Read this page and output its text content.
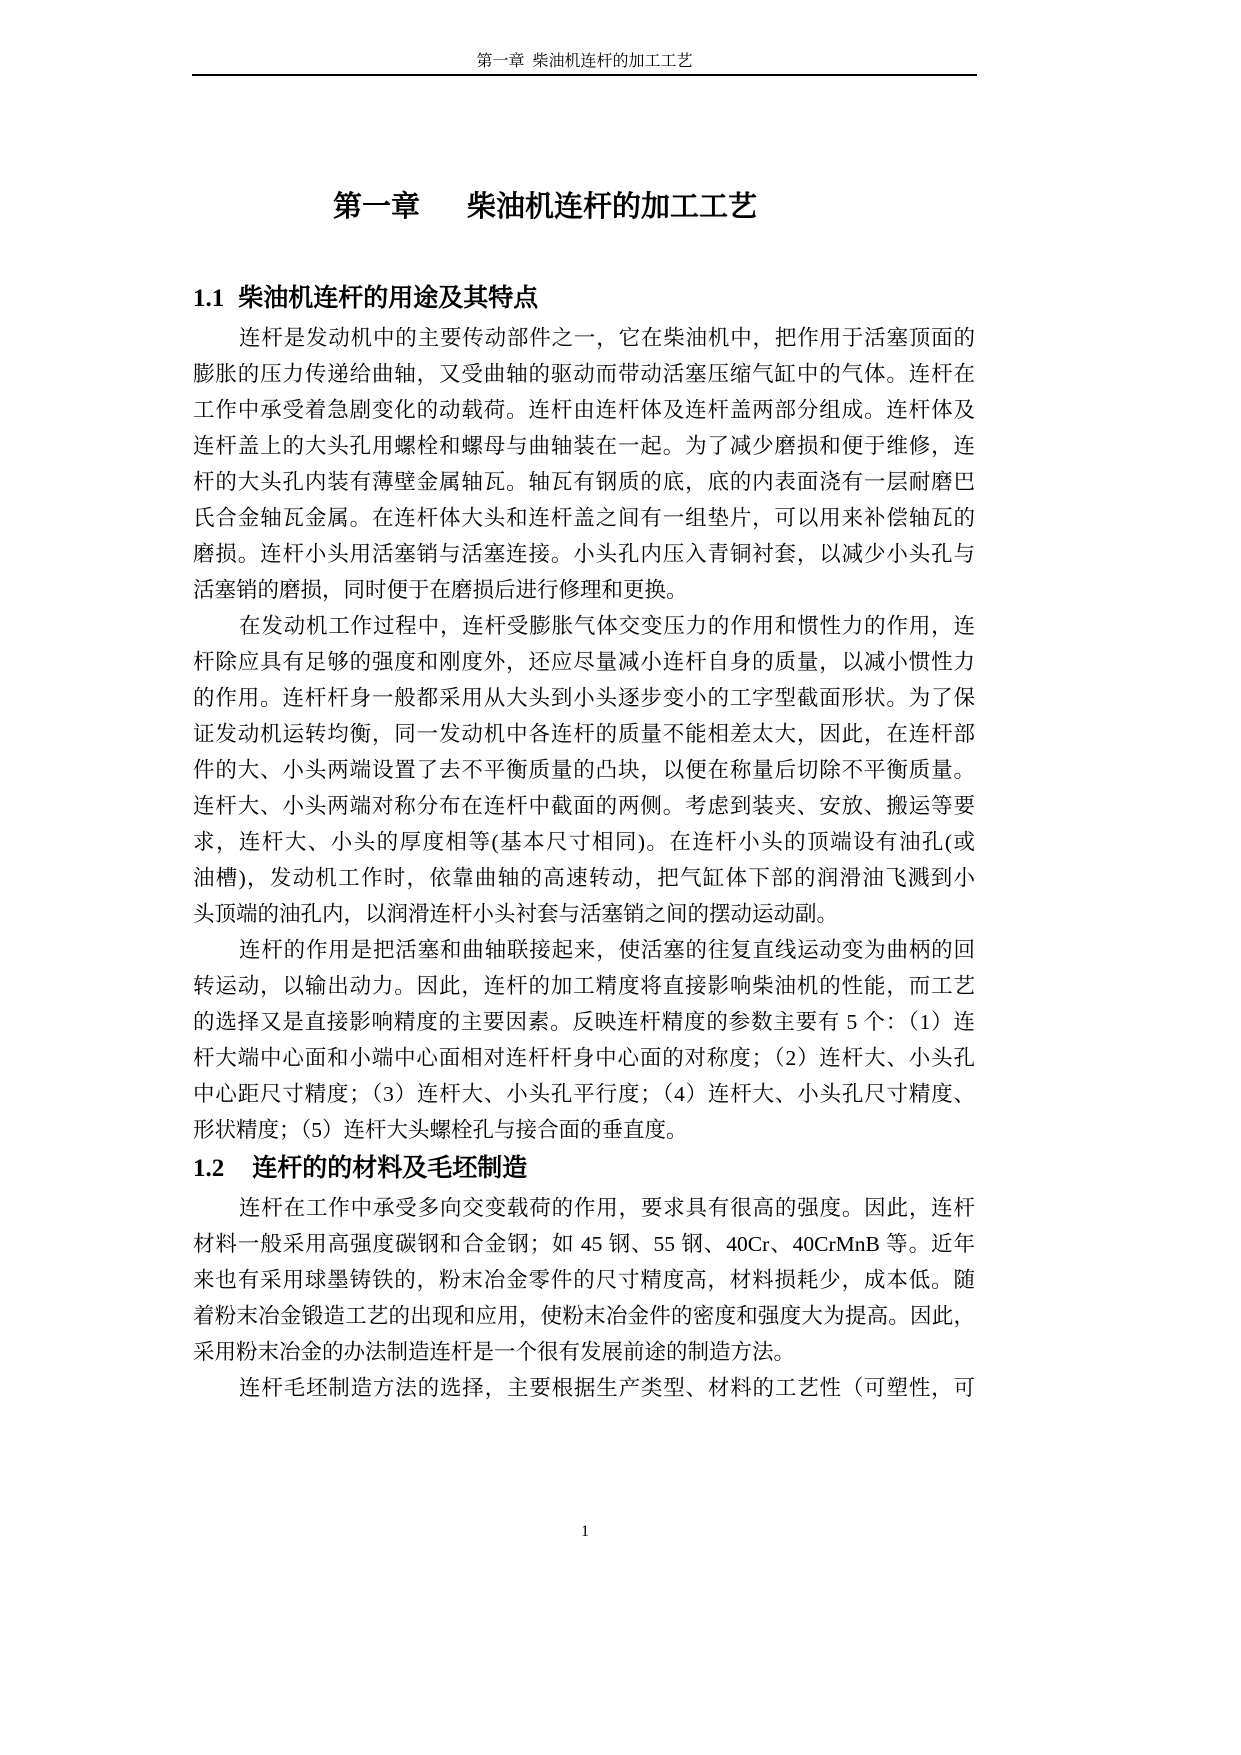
第一章  柴油机连杆的加工工艺
第一章 柴油机连杆的加工工艺
1.1 柴油机连杆的用途及其特点
连杆是发动机中的主要传动部件之一，它在柴油机中，把作用于活塞顶面的
膨胀的压力传递给曲轴，又受曲轴的驱动而带动活塞压缩气缸中的气体。连杆在
工作中承受着急剧变化的动载荷。连杆由连杆体及连杆盖两部分组成。连杆体及
连杆盖上的大头孔用螺栓和螺母与曲轴装在一起。为了减少磨损和便于维修，连
杆的大头孔内装有薄壁金属轴瓦。轴瓦有钢质的底，底的内表面浇有一层耐磨巴
氏合金轴瓦金属。在连杆体大头和连杆盖之间有一组垫片，可以用来补偿轴瓦的
磨损。连杆小头用活塞销与活塞连接。小头孔内压入青铜衬套，以减少小头孔与
活塞销的磨损，同时便于在磨损后进行修理和更换。
在发动机工作过程中，连杆受膨胀气体交变压力的作用和惯性力的作用，连
杆除应具有足够的强度和刚度外，还应尽量减小连杆自身的质量，以减小惯性力
的作用。连杆杆身一般都采用从大头到小头逐步变小的工字型截面形状。为了保
证发动机运转均衡，同一发动机中各连杆的质量不能相差太大，因此，在连杆部
件的大、小头两端设置了去不平衡质量的凸块，以便在称量后切除不平衡质量。
连杆大、小头两端对称分布在连杆中截面的两侧。考虑到装夹、安放、搬运等要
求，连杆大、小头的厚度相等(基本尺寸相同)。在连杆小头的顶端设有油孔(或
油槽)，发动机工作时，依靠曲轴的高速转动，把气缸体下部的润滑油飞溅到小
头顶端的油孔内，以润滑连杆小头衬套与活塞销之间的摆动运动副。
连杆的作用是把活塞和曲轴联接起来，使活塞的往复直线运动变为曲柄的回
转运动，以输出动力。因此，连杆的加工精度将直接影响柴油机的性能，而工艺
的选择又是直接影响精度的主要因素。反映连杆精度的参数主要有 5 个：（1）连
杆大端中心面和小端中心面相对连杆杆身中心面的对称度；（2）连杆大、小头孔
中心距尺寸精度；（3）连杆大、小头孔平行度；（4）连杆大、小头孔尺寸精度、
形状精度；（5）连杆大头螺栓孔与接合面的垂直度。
1.2 连杆的的材料及毛坯制造
连杆在工作中承受多向交变载荷的作用，要求具有很高的强度。因此，连杆
材料一般采用高强度碳钢和合金钢；如 45 钢、55 钢、40Cr、40CrMnB 等。近年
来也有采用球墨铸铁的，粉末冶金零件的尺寸精度高，材料损耗少，成本低。随
着粉末冶金锻造工艺的出现和应用，使粉末冶金件的密度和强度大为提高。因此，
采用粉末冶金的办法制造连杆是一个很有发展前途的制造方法。
连杆毛坯制造方法的选择，主要根据生产类型、材料的工艺性（可塑性，可
1
